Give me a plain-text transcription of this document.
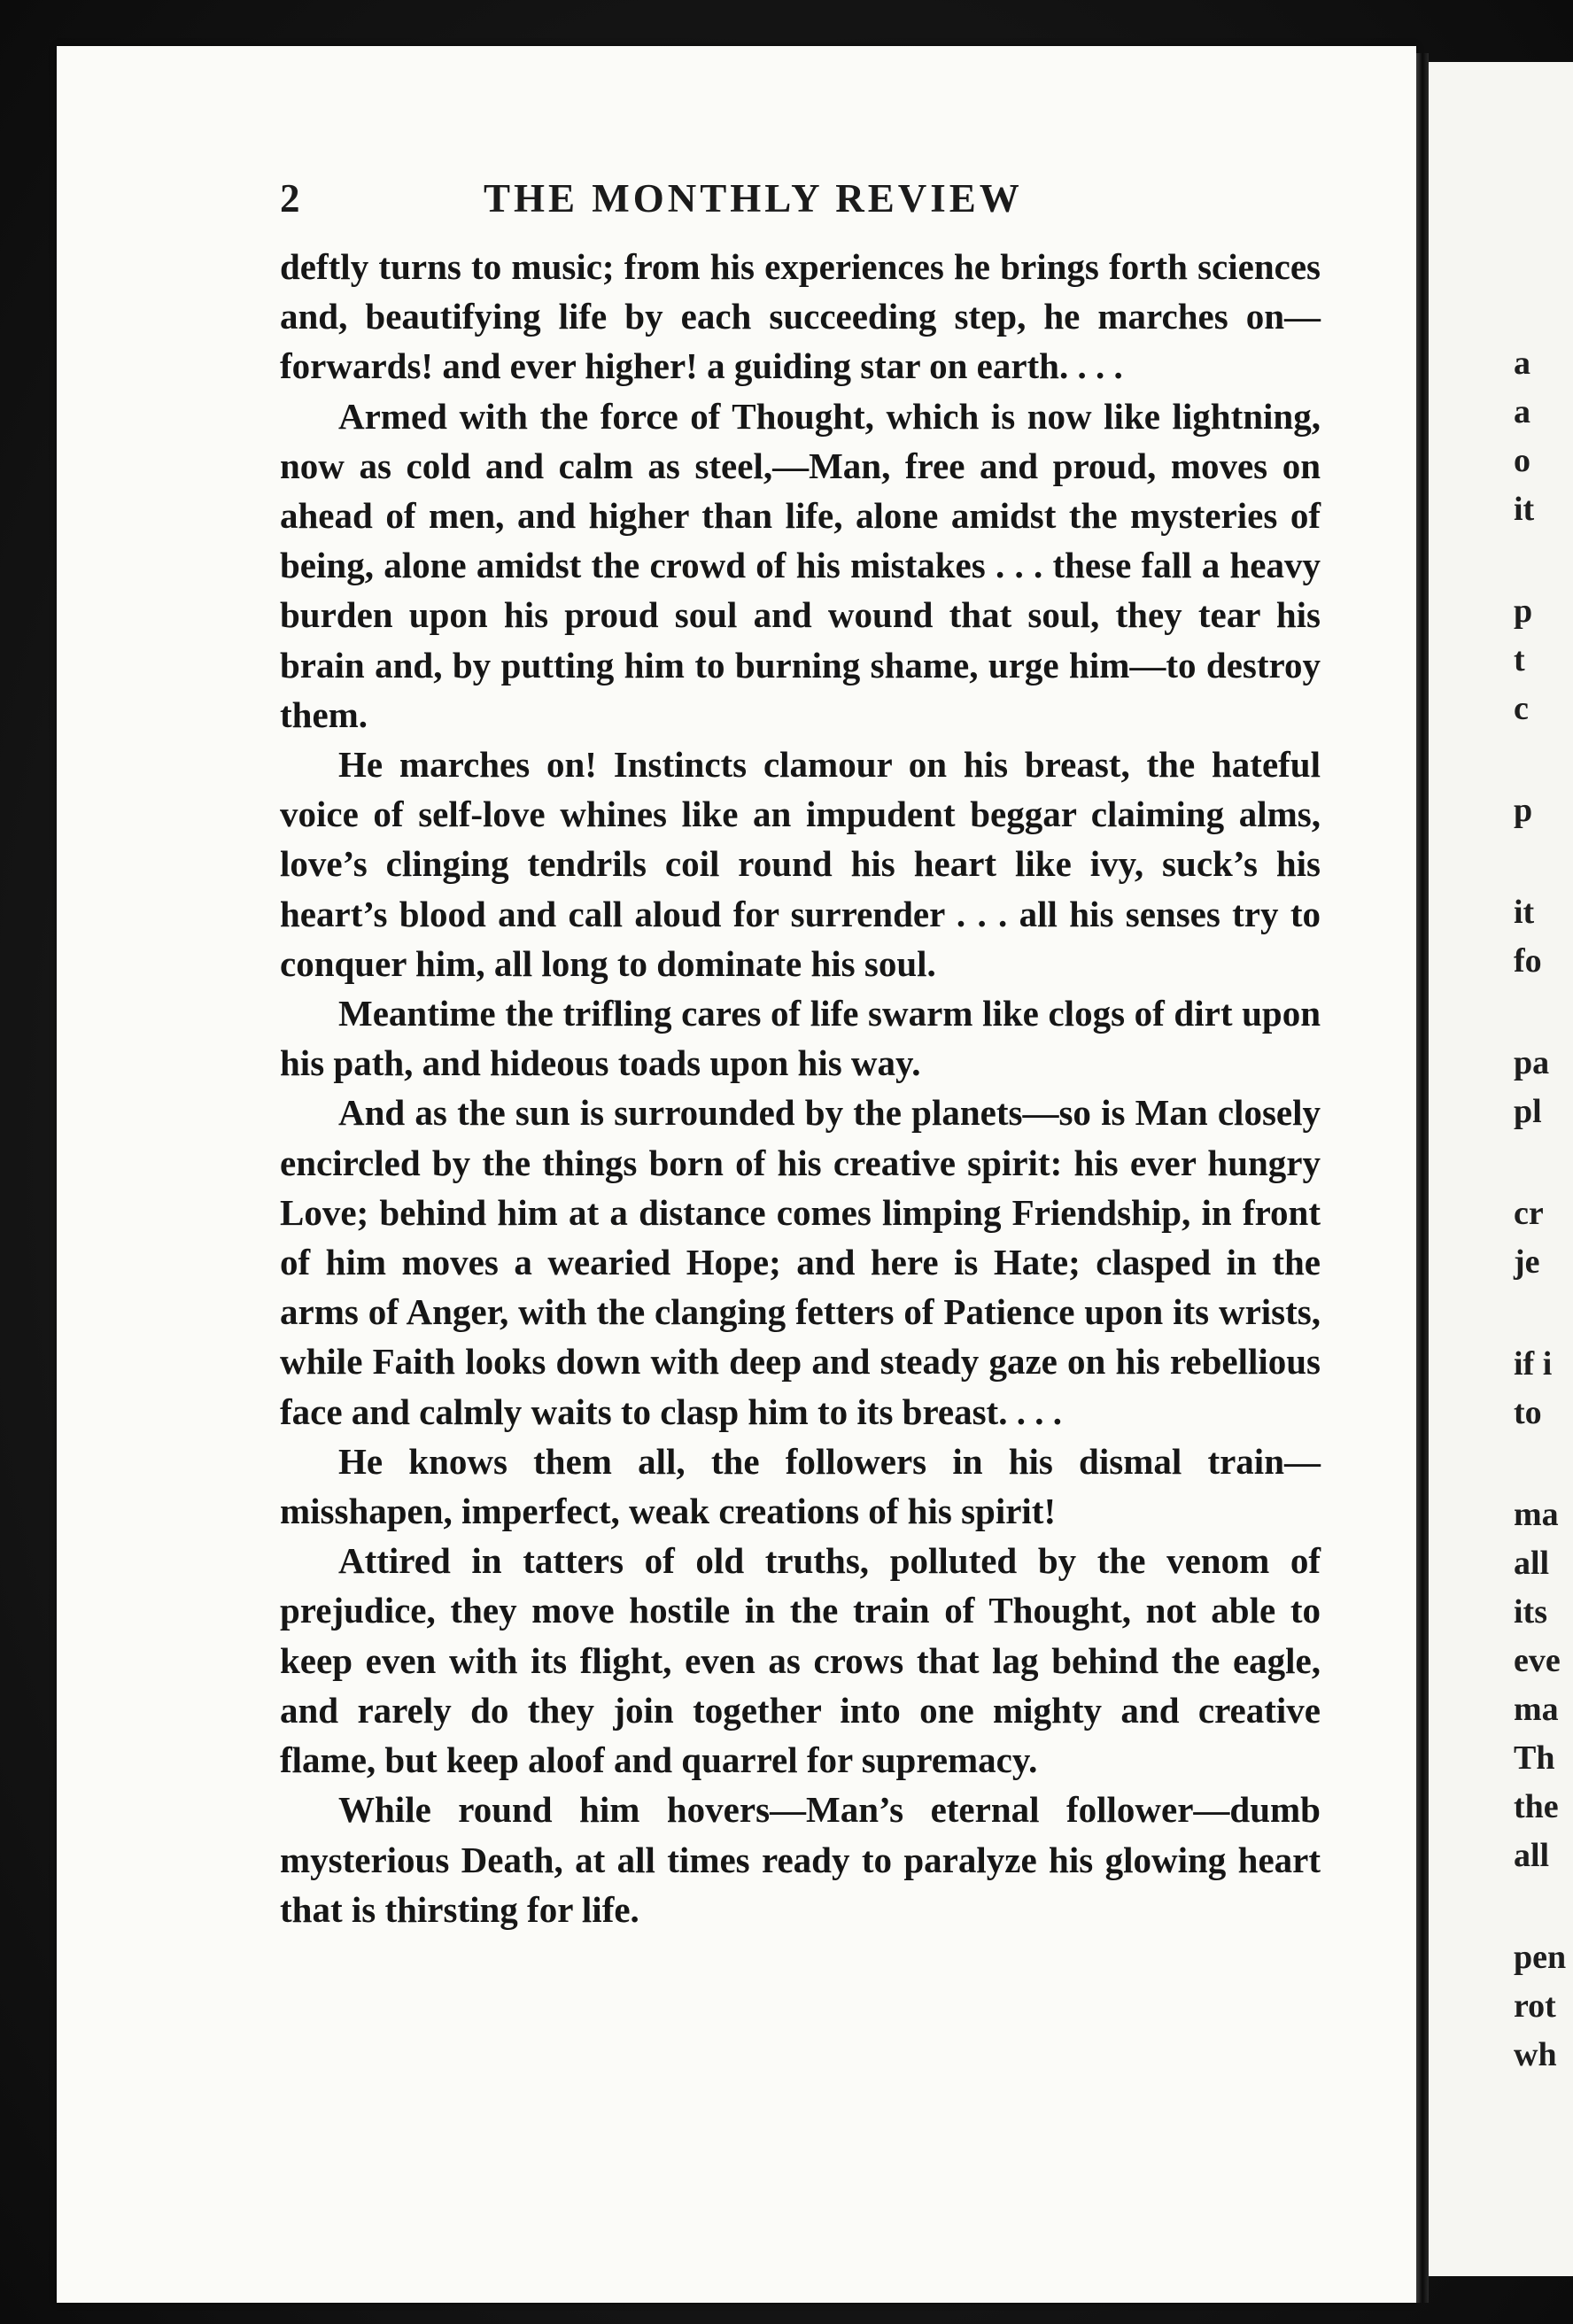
2	THE MONTHLY REVIEW

deftly turns to music; from his experiences he brings forth sciences and, beautifying life by each succeeding step, he marches on—forwards! and ever higher! a guiding star on earth. . . .

Armed with the force of Thought, which is now like lightning, now as cold and calm as steel,—Man, free and proud, moves on ahead of men, and higher than life, alone amidst the mysteries of being, alone amidst the crowd of his mistakes . . . these fall a heavy burden upon his proud soul and wound that soul, they tear his brain and, by putting him to burning shame, urge him—to destroy them.

He marches on! Instincts clamour on his breast, the hateful voice of self-love whines like an impudent beggar claiming alms, love’s clinging tendrils coil round his heart like ivy, suck’s his heart’s blood and call aloud for surrender . . . all his senses try to conquer him, all long to dominate his soul.

Meantime the trifling cares of life swarm like clogs of dirt upon his path, and hideous toads upon his way.

And as the sun is surrounded by the planets—so is Man closely encircled by the things born of his creative spirit: his ever hungry Love; behind him at a distance comes limping Friendship, in front of him moves a wearied Hope; and here is Hate; clasped in the arms of Anger, with the clanging fetters of Patience upon its wrists, while Faith looks down with deep and steady gaze on his rebellious face and calmly waits to clasp him to its breast. . . .

He knows them all, the followers in his dismal train—misshapen, imperfect, weak creations of his spirit!

Attired in tatters of old truths, polluted by the venom of prejudice, they move hostile in the train of Thought, not able to keep even with its flight, even as crows that lag behind the eagle, and rarely do they join together into one mighty and creative flame, but keep aloof and quarrel for supremacy.

While round him hovers—Man’s eternal follower—dumb mysterious Death, at all times ready to paralyze his glowing heart that is thirsting for life.

a
a
o
it
p
t
c
p
it
fo
pa
pl
cr
je
if i
to
ma
all
its
eve
ma
Th
the
all
pen
rot
wh
